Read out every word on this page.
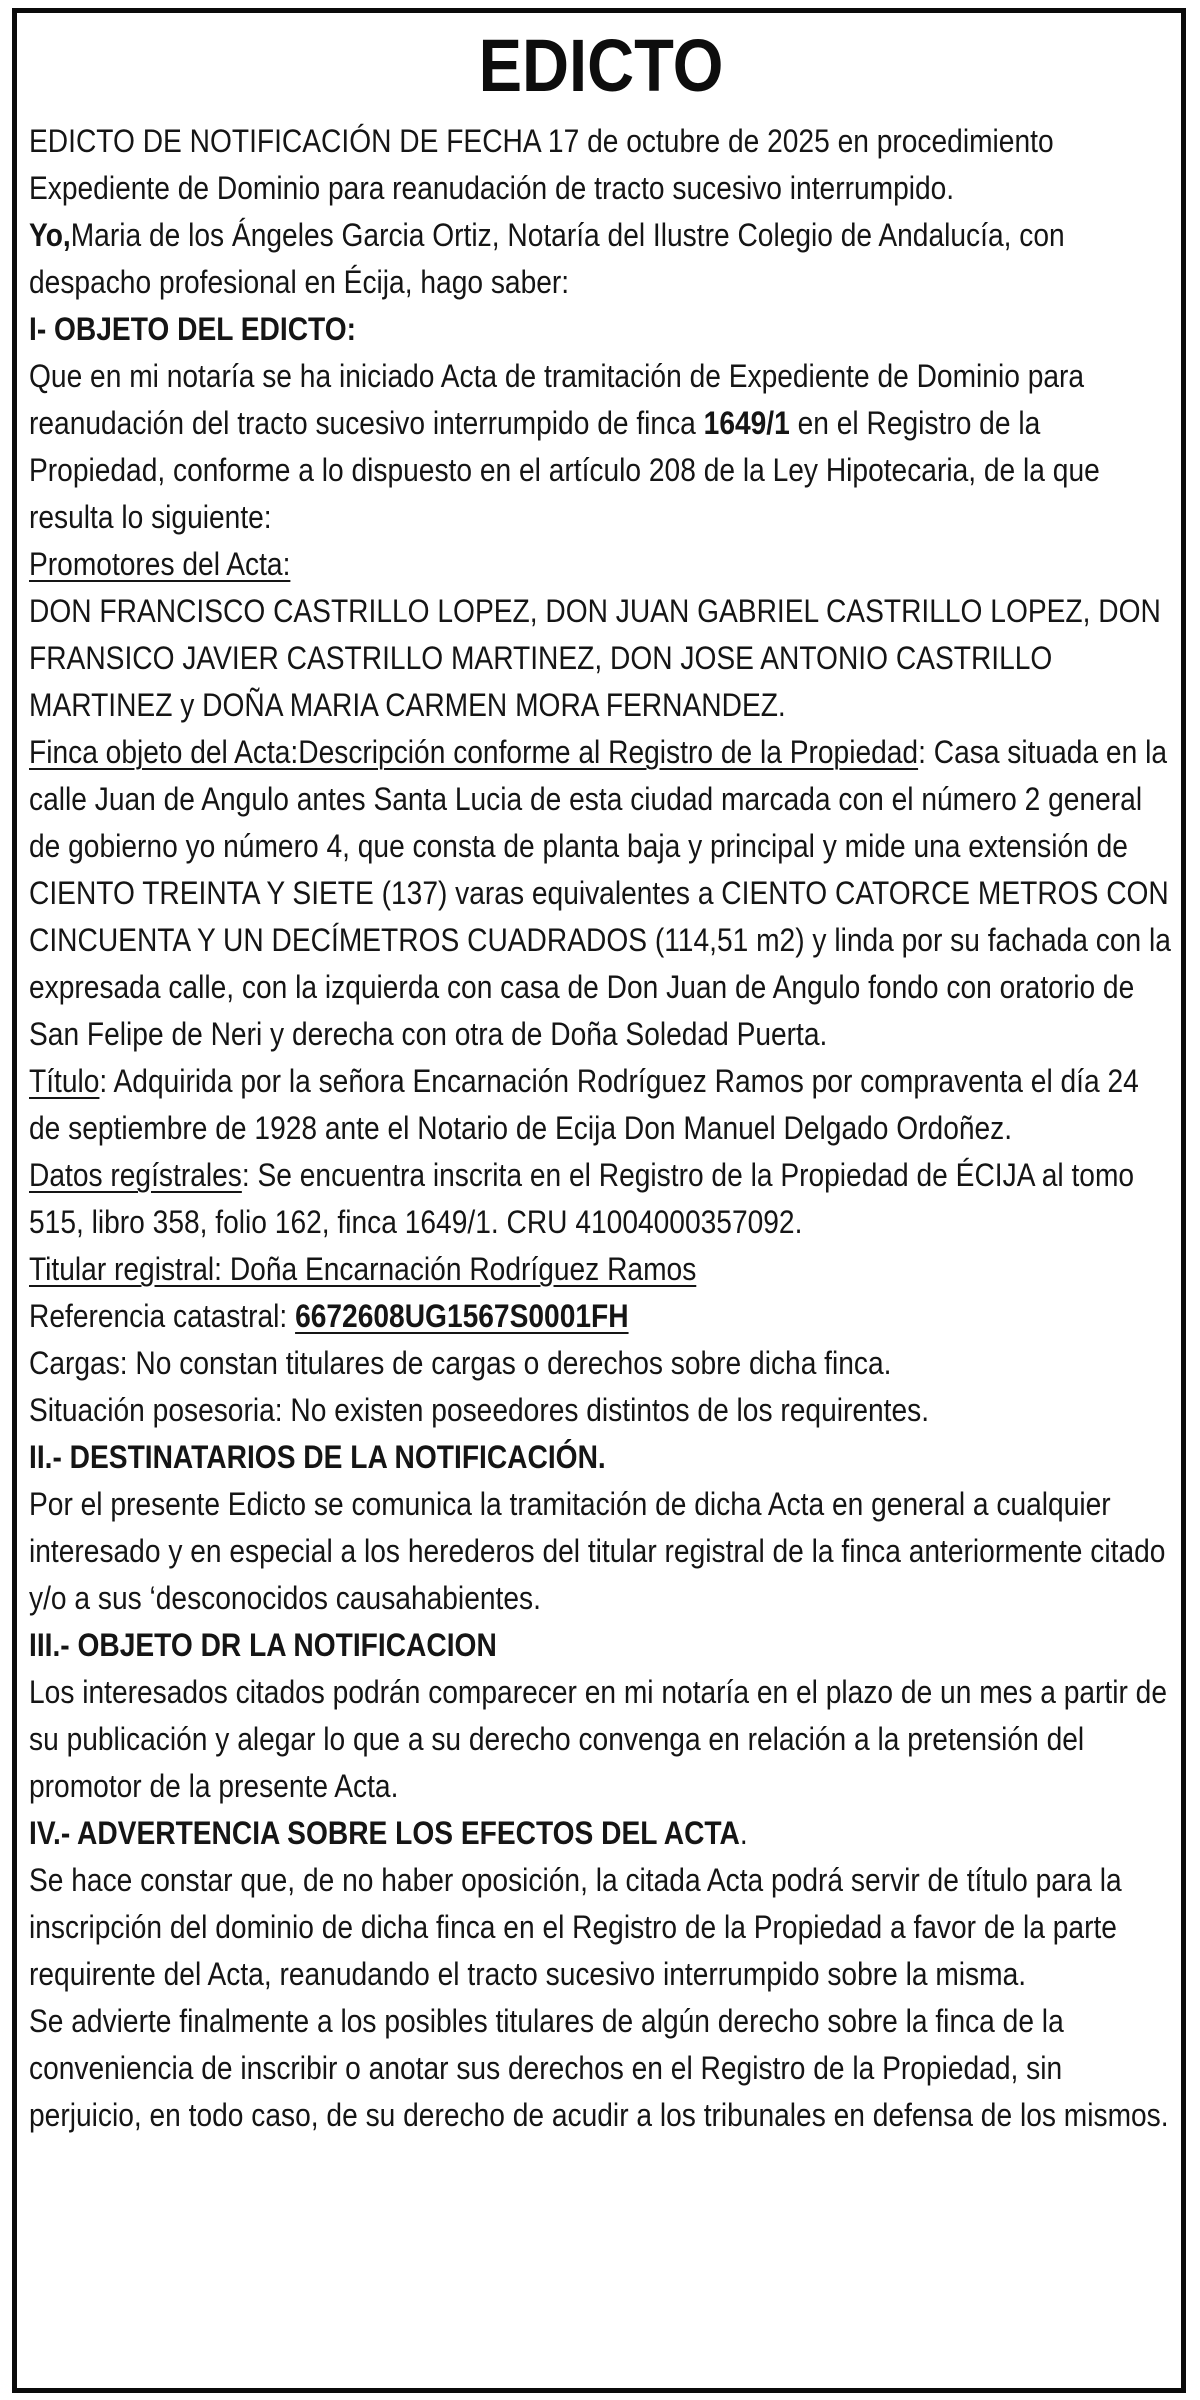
EDICTO

EDICTO DE NOTIFICACIÓN DE FECHA 17 de octubre de 2025 en procedimiento Expediente de Dominio para reanudación de tracto sucesivo interrumpido.

Yo,Maria de los Ángeles Garcia Ortiz, Notaría del Ilustre Colegio de Andalucía, con despacho profesional en Écija, hago saber:

I- OBJETO DEL EDICTO:

Que en mi notaría se ha iniciado Acta de tramitación de Expediente de Dominio para reanudación del tracto sucesivo interrumpido de finca 1649/1 en el Registro de la Propiedad, conforme a lo dispuesto en el artículo 208 de la Ley Hipotecaria, de la que resulta lo siguiente:

Promotores del Acta:

DON FRANCISCO CASTRILLO LOPEZ, DON JUAN GABRIEL CASTRILLO LOPEZ, DON FRANSICO JAVIER CASTRILLO MARTINEZ, DON JOSE ANTONIO CASTRILLO MARTINEZ y DOÑA MARIA CARMEN MORA FERNANDEZ.

Finca objeto del Acta:Descripción conforme al Registro de la Propiedad: Casa situada en la calle Juan de Angulo antes Santa Lucia de esta ciudad marcada con el número 2 general de gobierno yo número 4, que consta de planta baja y principal y mide una extensión de CIENTO TREINTA Y SIETE (137) varas equivalentes a CIENTO CATORCE METROS CON CINCUENTA Y UN DECÍMETROS CUADRADOS (114,51 m2) y linda por su fachada con la expresada calle, con la izquierda con casa de Don Juan de Angulo fondo con oratorio de San Felipe de Neri y derecha con otra de Doña Soledad Puerta.

Título: Adquirida por la señora Encarnación Rodríguez Ramos por compraventa el día 24 de septiembre de 1928 ante el Notario de Ecija Don Manuel Delgado Ordoñez.

Datos regístrales: Se encuentra inscrita en el Registro de la Propiedad de ÉCIJA al tomo 515, libro 358, folio 162, finca 1649/1. CRU 41004000357092.

Titular registral: Doña Encarnación Rodríguez Ramos

Referencia catastral: 6672608UG1567S0001FH

Cargas: No constan titulares de cargas o derechos sobre dicha finca.

Situación posesoria: No existen poseedores distintos de los requirentes.

II.- DESTINATARIOS DE LA NOTIFICACIÓN.

Por el presente Edicto se comunica la tramitación de dicha Acta en general a cualquier interesado y en especial a los herederos del titular registral de la finca anteriormente citado y/o a sus ‘desconocidos causahabientes.

III.- OBJETO DR LA NOTIFICACION

Los interesados citados podrán comparecer en mi notaría en el plazo de un mes a partir de su publicación y alegar lo que a su derecho convenga en relación a la pretensión del promotor de la presente Acta.

IV.- ADVERTENCIA SOBRE LOS EFECTOS DEL ACTA.

Se hace constar que, de no haber oposición, la citada Acta podrá servir de título para la inscripción del dominio de dicha finca en el Registro de la Propiedad a favor de la parte requirente del Acta, reanudando el tracto sucesivo interrumpido sobre la misma.

Se advierte finalmente a los posibles titulares de algún derecho sobre la finca de la conveniencia de inscribir o anotar sus derechos en el Registro de la Propiedad, sin perjuicio, en todo caso, de su derecho de acudir a los tribunales en defensa de los mismos.
